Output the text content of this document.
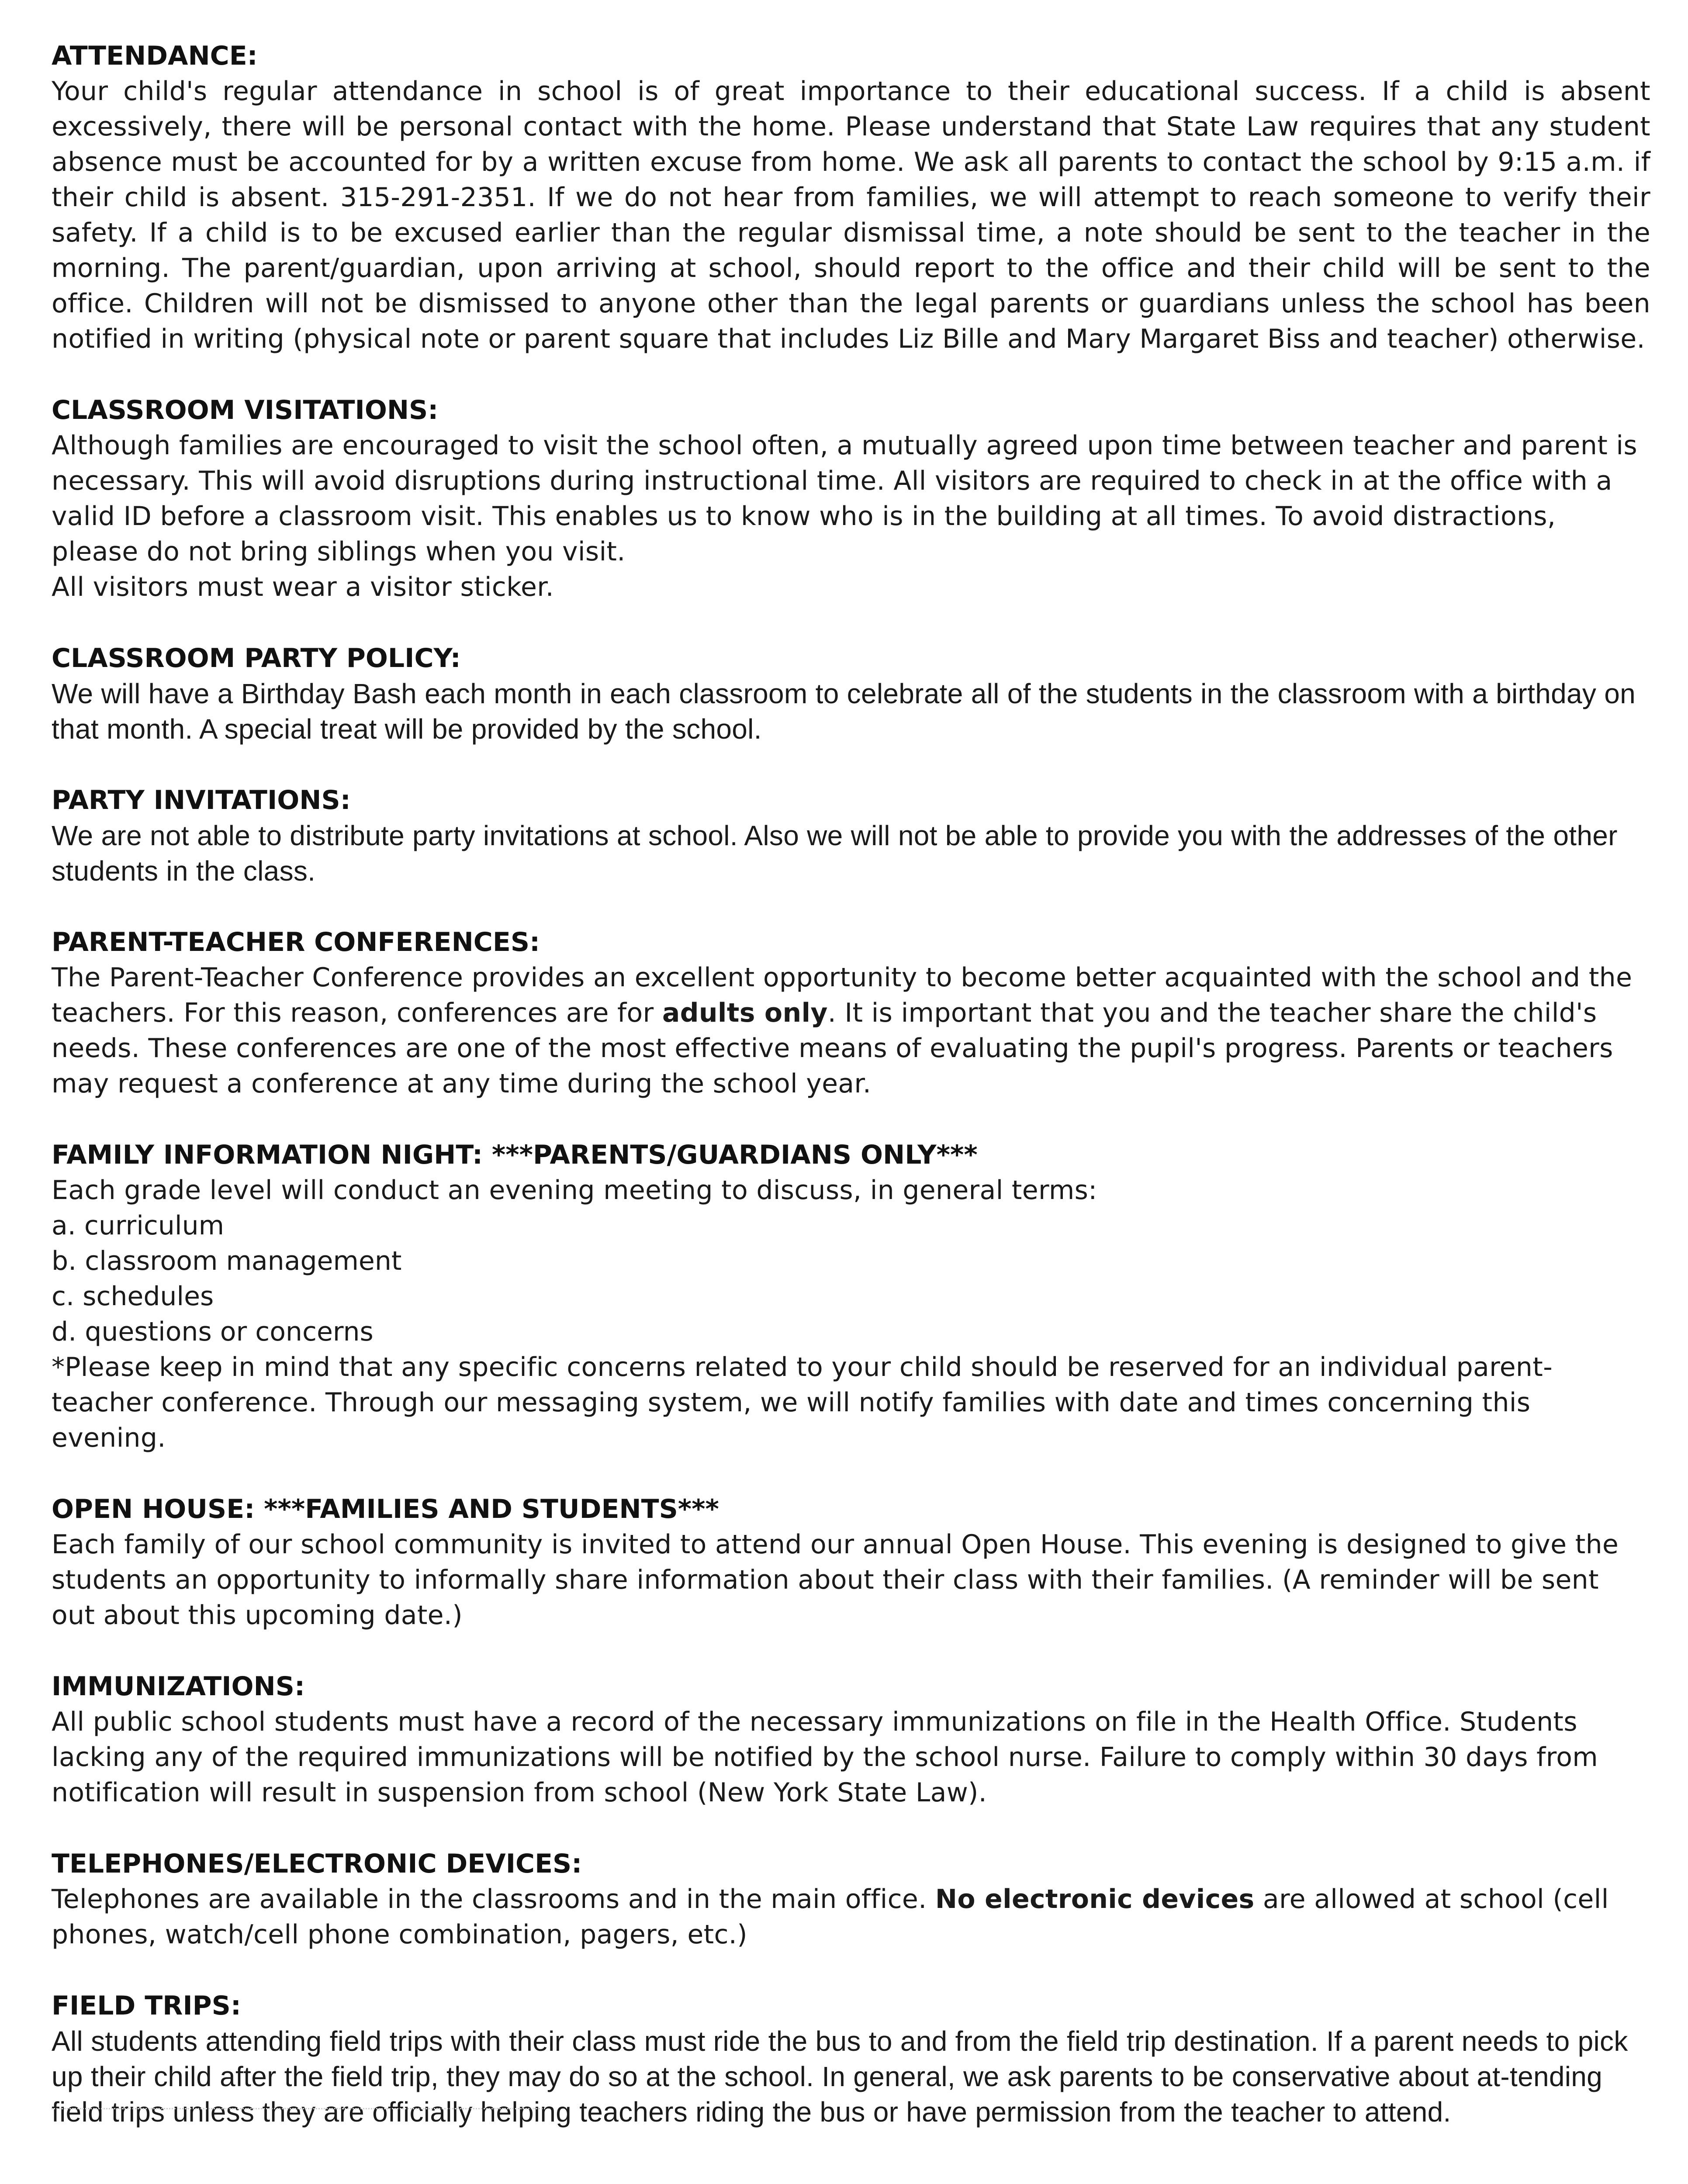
ATTENDANCE:

Your child's regular attendance in school is of great importance to their educational success. If a child is absent excessively, there will be personal contact with the home. Please understand that State Law requires that any student absence must be accounted for by a written excuse from home. We ask all parents to contact the school by 9:15 a.m. if their child is absent. 315-291-2351. If we do not hear from families, we will attempt to reach someone to verify their safety. If a child is to be excused earlier than the regular dismissal time, a note should be sent to the teacher in the morning. The parent/guardian, upon arriving at school, should report to the office and their child will be sent to the office. Children will not be dismissed to anyone other than the legal parents or guardians unless the school has been notified in writing (physical note or parent square that includes Liz Bille and Mary Margaret Biss and teacher) otherwise.

CLASSROOM VISITATIONS:

Although families are encouraged to visit the school often, a mutually agreed upon time between teacher and parent is necessary. This will avoid disruptions during instructional time. All visitors are required to check in at the office with a valid ID before a classroom visit. This enables us to know who is in the building at all times. To avoid distractions, please do not bring siblings when you visit.

All visitors must wear a visitor sticker.

CLASSROOM PARTY POLICY:

We will have a Birthday Bash each month in each classroom to celebrate all of the students in the classroom with a birthday on that month. A special treat will be provided by the school.

PARTY INVITATIONS:

We are not able to distribute party invitations at school. Also we will not be able to provide you with the addresses of the other students in the class.

PARENT-TEACHER CONFERENCES:

The Parent-Teacher Conference provides an excellent opportunity to become better acquainted with the school and the teachers. For this reason, conferences are for adults only. It is important that you and the teacher share the child's needs. These conferences are one of the most effective means of evaluating the pupil's progress. Parents or teachers may request a conference at any time during the school year.

FAMILY INFORMATION NIGHT: ***PARENTS/GUARDIANS ONLY***

Each grade level will conduct an evening meeting to discuss, in general terms:

a. curriculum

b. classroom management

c. schedules

d. questions or concerns

*Please keep in mind that any specific concerns related to your child should be reserved for an individual parent-teacher conference. Through our messaging system, we will notify families with date and times concerning this evening.

OPEN HOUSE: ***FAMILIES AND STUDENTS***

Each family of our school community is invited to attend our annual Open House. This evening is designed to give the students an opportunity to informally share information about their class with their families. (A reminder will be sent out about this upcoming date.)

IMMUNIZATIONS:

All public school students must have a record of the necessary immunizations on file in the Health Office. Students lacking any of the required immunizations will be notified by the school nurse. Failure to comply within 30 days from notification will result in suspension from school (New York State Law).

TELEPHONES/ELECTRONIC DEVICES:

Telephones are available in the classrooms and in the main office. No electronic devices are allowed at school (cell phones, watch/cell phone combination, pagers, etc.)

FIELD TRIPS:

All students attending field trips with their class must ride the bus to and from the field trip destination. If a parent needs to pick up their child after the field trip, they may do so at the school. In general, we ask parents to be conservative about at-tending field trips unless they are officially helping teachers riding the bus or have permission from the teacher to attend.
